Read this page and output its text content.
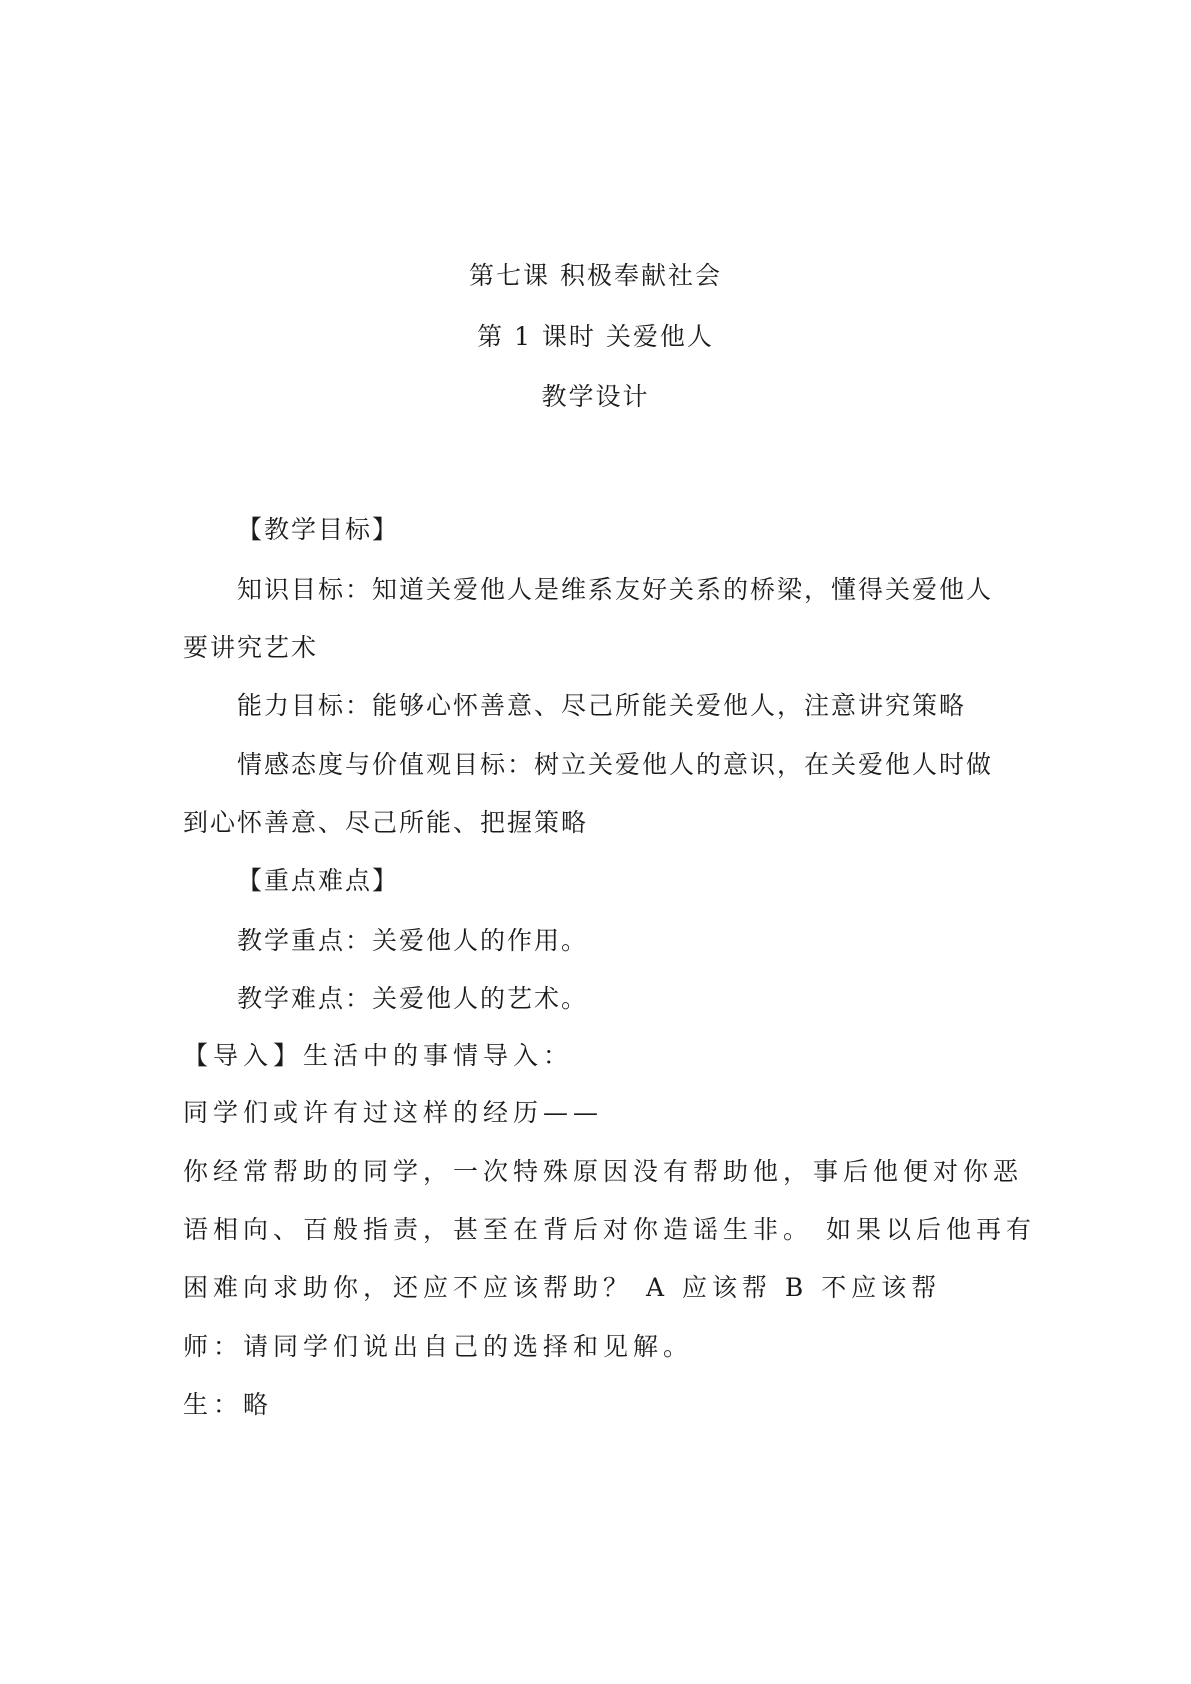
第七课 积极奉献社会
第 1 课时 关爱他人
教学设计
【教学目标】
知识目标：知道关爱他人是维系友好关系的桥梁，懂得关爱他人
要讲究艺术
能力目标：能够心怀善意、尽己所能关爱他人，注意讲究策略
情感态度与价值观目标：树立关爱他人的意识，在关爱他人时做
到心怀善意、尽己所能、把握策略
【重点难点】
教学重点：关爱他人的作用。
教学难点：关爱他人的艺术。
【导入】生活中的事情导入：
同学们或许有过这样的经历——
你经常帮助的同学，一次特殊原因没有帮助他，事后他便对你恶
语相向、百般指责，甚至在背后对你造谣生非。 如果以后他再有
困难向求助你，还应不应该帮助？ A 应该帮 B 不应该帮
师：请同学们说出自己的选择和见解。
生：略
